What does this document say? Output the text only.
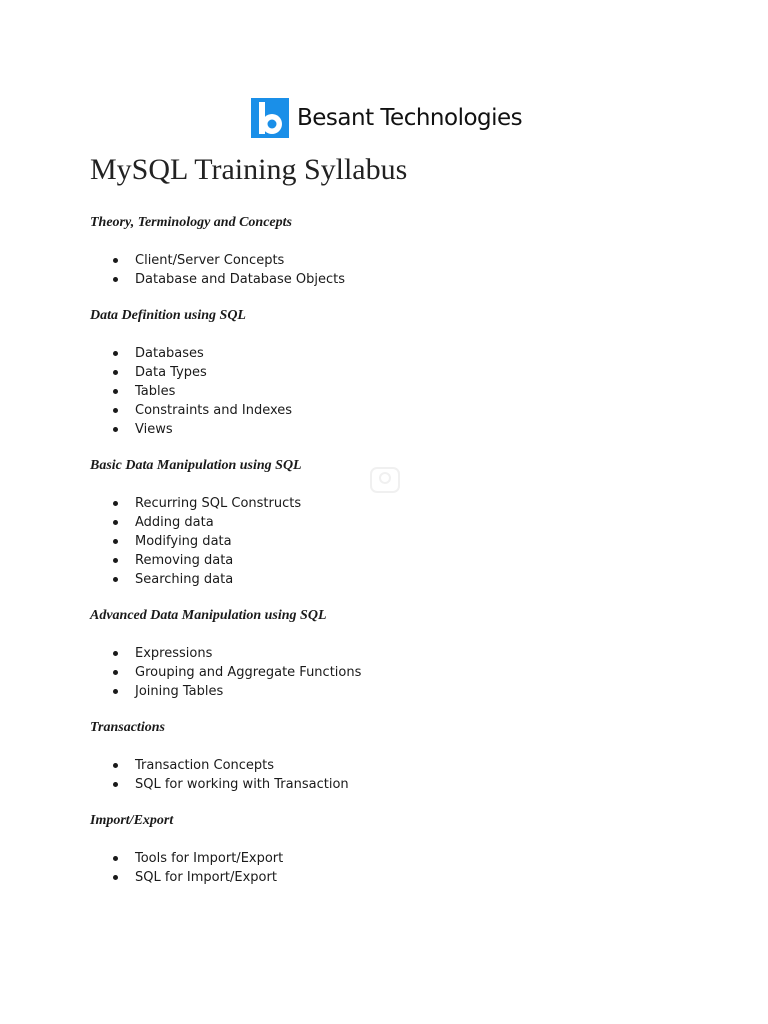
Besant Technologies
MySQL Training Syllabus
Theory, Terminology and Concepts
Client/Server Concepts
Database and Database Objects
Data Definition using SQL
Databases
Data Types
Tables
Constraints and Indexes
Views
Basic Data Manipulation using SQL
Recurring SQL Constructs
Adding data
Modifying data
Removing data
Searching data
Advanced Data Manipulation using SQL
Expressions
Grouping and Aggregate Functions
Joining Tables
Transactions
Transaction Concepts
SQL for working with Transaction
Import/Export
Tools for Import/Export
SQL for Import/Export
